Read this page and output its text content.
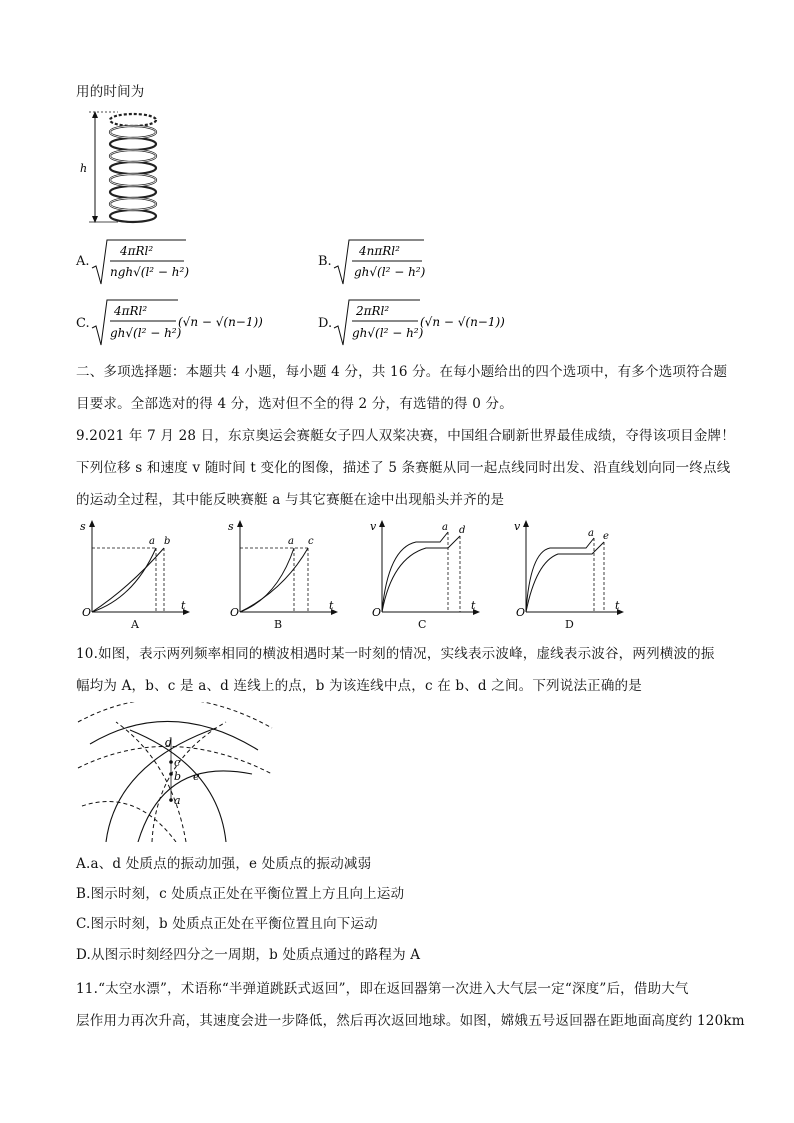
用的时间为
h
A.
4πRl²
ngh√(l² − h²)
B.
4nπRl²
gh√(l² − h²)
C.
4πRl²
gh√(l² − h²)
(√n − √(n−1))	D.
2πRl²
gh√(l² − h²)
(√n − √(n−1))
二、多项选择题：本题共 4 小题，每小题 4 分，共 16 分。在每小题给出的四个选项中，有多个选项符合题
目要求。全部选对的得 4 分，选对但不全的得 2 分，有选错的得 0 分。
9.2021 年 7 月 28 日，东京奥运会赛艇女子四人双桨决赛，中国组合刷新世界最佳成绩，夺得该项目金牌！
下列位移 s 和速度 v 随时间 t 变化的图像，描述了 5 条赛艇从同一起点线同时出发、沿直线划向同一终点线
的运动全过程，其中能反映赛艇 a 与其它赛艇在途中出现船头并齐的是
s
t
O
a b
A
s
t
O
a c
B
v
t
O
a d
C
v
t
O
a e
D
10.如图，表示两列频率相同的横波相遇时某一时刻的情况，实线表示波峰，虚线表示波谷，两列横波的振
幅均为 A，b、c 是 a、d 连线上的点，b 为该连线中点，c 在 b、d 之间。下列说法正确的是
d
c
b e
a
A.a、d 处质点的振动加强，e 处质点的振动减弱
B.图示时刻，c 处质点正处在平衡位置上方且向上运动
C.图示时刻，b 处质点正处在平衡位置且向下运动
D.从图示时刻经四分之一周期，b 处质点通过的路程为 A
11.“太空水漂”，术语称“半弹道跳跃式返回”，即在返回器第一次进入大气层一定“深度”后，借助大气
层作用力再次升高，其速度会进一步降低，然后再次返回地球。如图，嫦娥五号返回器在距地面高度约 120km
